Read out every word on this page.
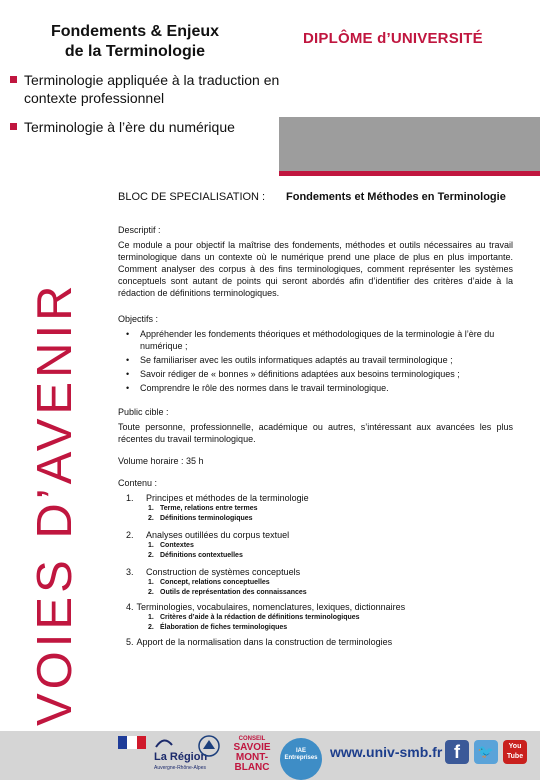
Fondements & Enjeux
de la Terminologie
DIPLÔME d’UNIVERSITÉ
Terminologie appliquée à la traduction en contexte professionnel
Terminologie à l’ère du numérique
VOIES D’AVENIR
BLOC DE SPECIALISATION :	Fondements et Méthodes en Terminologie
Descriptif :
Ce module a pour objectif la maîtrise des fondements, méthodes et outils nécessaires au travail terminologique dans un contexte où le numérique prend une place de plus en plus importante. Comment analyser des corpus à des fins terminologiques, comment représenter les systèmes conceptuels sont autant de points qui seront abordés afin d’identifier des critères d’aide à la rédaction de définitions terminologiques.
Objectifs :
• Appréhender les fondements théoriques et méthodologiques de la terminologie à l’ère du numérique ;
• Se familiariser avec les outils informatiques adaptés au travail terminologique ;
• Savoir rédiger de « bonnes » définitions adaptées aux besoins terminologiques ;
• Comprendre le rôle des normes dans le travail terminologique.
Public cible :
Toute personne, professionnelle, académique ou autres, s’intéressant aux avancées les plus récentes du travail terminologique.
Volume horaire : 35 h
Contenu :
1. Principes et méthodes de la terminologie
1. Terme, relations entre termes
2. Définitions terminologiques
2. Analyses outillées du corpus textuel
1. Contextes
2. Définitions contextuelles
3. Construction de systèmes conceptuels
1. Concept, relations conceptuelles
2. Outils de représentation des connaissances
4. Terminologies, vocabulaires, nomenclatures, lexiques, dictionnaires
1. Critères d’aide à la rédaction de définitions terminologiques
2. Élaboration de fiches terminologiques
5. Apport de la normalisation dans la construction de terminologies
La Région
Auvergne-Rhône-Alpes
CONSEIL
SAVOIE
MONT-
BLANC
IAE
Entreprises www.univ-smb.fr f	🐦	You
Tube
